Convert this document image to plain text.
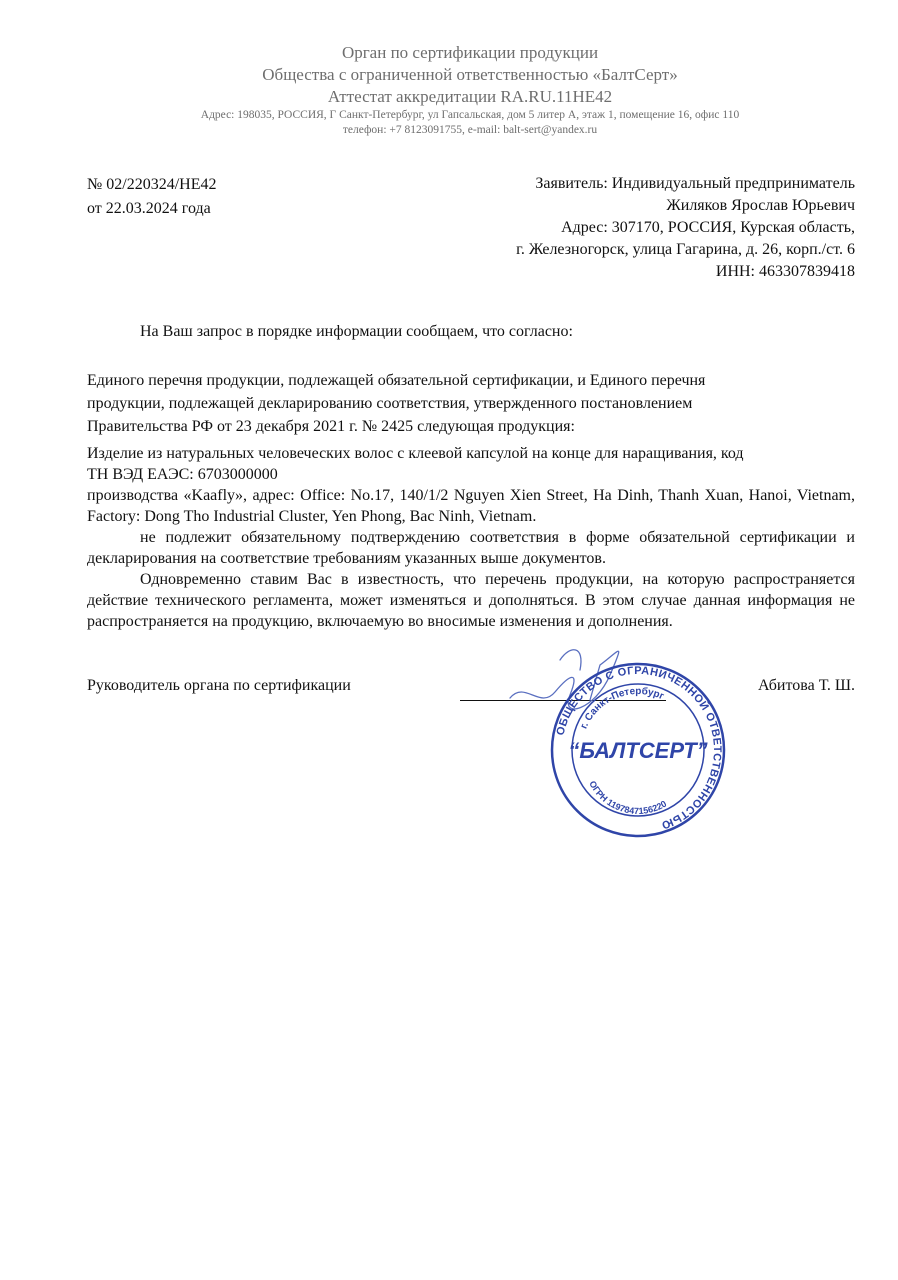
Орган по сертификации продукции
Общества с ограниченной ответственностью «БалтСерт»
Аттестат аккредитации RA.RU.11НЕ42
Адрес: 198035, РОССИЯ, Г Санкт-Петербург, ул Гапсальская, дом 5 литер А, этаж 1, помещение 16, офис 110
телефон: +7 8123091755, e-mail: balt-sert@yandex.ru
№ 02/220324/НЕ42
от 22.03.2024 года
Заявитель: Индивидуальный предприниматель
Жиляков Ярослав Юрьевич
Адрес: 307170, РОССИЯ, Курская область,
г. Железногорск, улица Гагарина, д. 26, корп./ст. 6
ИНН: 463307839418
На Ваш запрос в порядке информации сообщаем, что согласно:
Единого перечня продукции, подлежащей обязательной сертификации, и Единого перечня
продукции, подлежащей декларированию соответствия, утвержденного постановлением
Правительства РФ от 23 декабря 2021 г. № 2425 следующая продукция:
Изделие из натуральных человеческих волос с клеевой капсулой на конце для наращивания, код
ТН ВЭД ЕАЭС: 6703000000
производства «Kaafly», адрес: Office: No.17, 140/1/2 Nguyen Xien Street, Ha Dinh, Thanh Xuan, Hanoi, Vietnam, Factory: Dong Tho Industrial Cluster, Yen Phong, Bac Ninh, Vietnam.
не подлежит обязательному подтверждению соответствия в форме обязательной сертификации и декларирования на соответствие требованиям указанных выше документов.
Одновременно ставим Вас в известность, что перечень продукции, на которую распространяется действие технического регламента, может изменяться и дополняться. В этом случае данная информация не распространяется на продукцию, включаемую во вносимые изменения и дополнения.
Руководитель органа по сертификации	Абитова Т. Ш.
ОБЩЕСТВО С ОГРАНИЧЕННОЙ ОТВЕТСТВЕННОСТЬЮ
г. Санкт-Петербург
ОГРН 1197847156220
“БАЛТСЕРТ”
